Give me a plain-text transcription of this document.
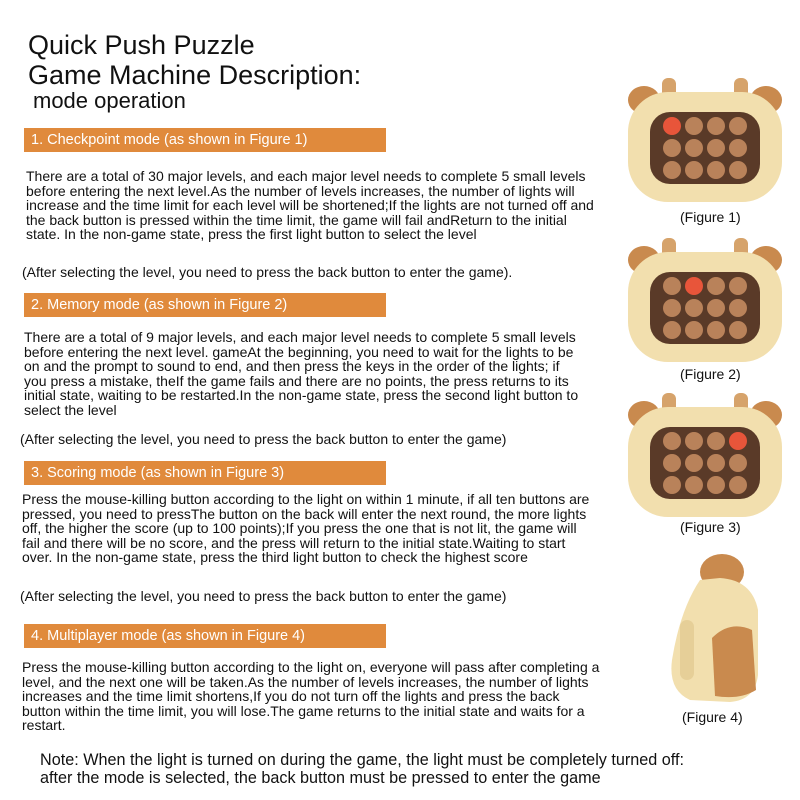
Quick Push Puzzle
Game Machine Description:
mode operation
1. Checkpoint mode (as shown in Figure 1)
There are a total of 30 major levels, and each major level needs to complete 5 small levels before entering the next level.As the number of levels increases, the number of lights will increase and the time limit for each level will be shortened;If the lights are not turned off and the back button is pressed within the time limit, the game will fail andReturn to the initial state. In the non-game state, press the first light button to select the level
(After selecting the level, you need to press the back button to enter the game).
2. Memory mode (as shown in Figure 2)
There are a total of 9 major levels, and each major level needs to complete 5 small levels before entering the next level. gameAt the beginning, you need to wait for the lights to be on and the prompt to sound to end, and then press the keys in the order of the lights; if you press a mistake, theIf the game fails and there are no points, the press returns to its initial state, waiting to be restarted.In the non-game state, press the second light button to select the level
(After selecting the level, you need to press the back button to enter the game)
3. Scoring mode (as shown in Figure 3)
Press the mouse-killing button according to the light on within 1 minute, if all ten buttons are pressed, you need to pressThe button on the back will enter the next round, the more lights off, the higher the score (up to 100 points);If you press the one that is not lit, the game will fail and there will be no score, and the press will return to the initial state.Waiting to start over. In the non-game state, press the third light button to check the highest score
(After selecting the level, you need to press the back button to enter the game)
4. Multiplayer mode (as shown in Figure 4)
Press the mouse-killing button according to the light on, everyone will pass after completing a level, and the next one will be taken.As the number of levels increases, the number of lights increases and the time limit shortens,If you do not turn off the lights and press the back button within the time limit, you will lose.The game returns to the initial state and waits for a restart.
Note: When the light is turned on during the game, the light must be completely turned off:
after the mode is selected, the back button must be pressed to enter the game
(Figure 1)
(Figure 2)
(Figure 3)
(Figure 4)
